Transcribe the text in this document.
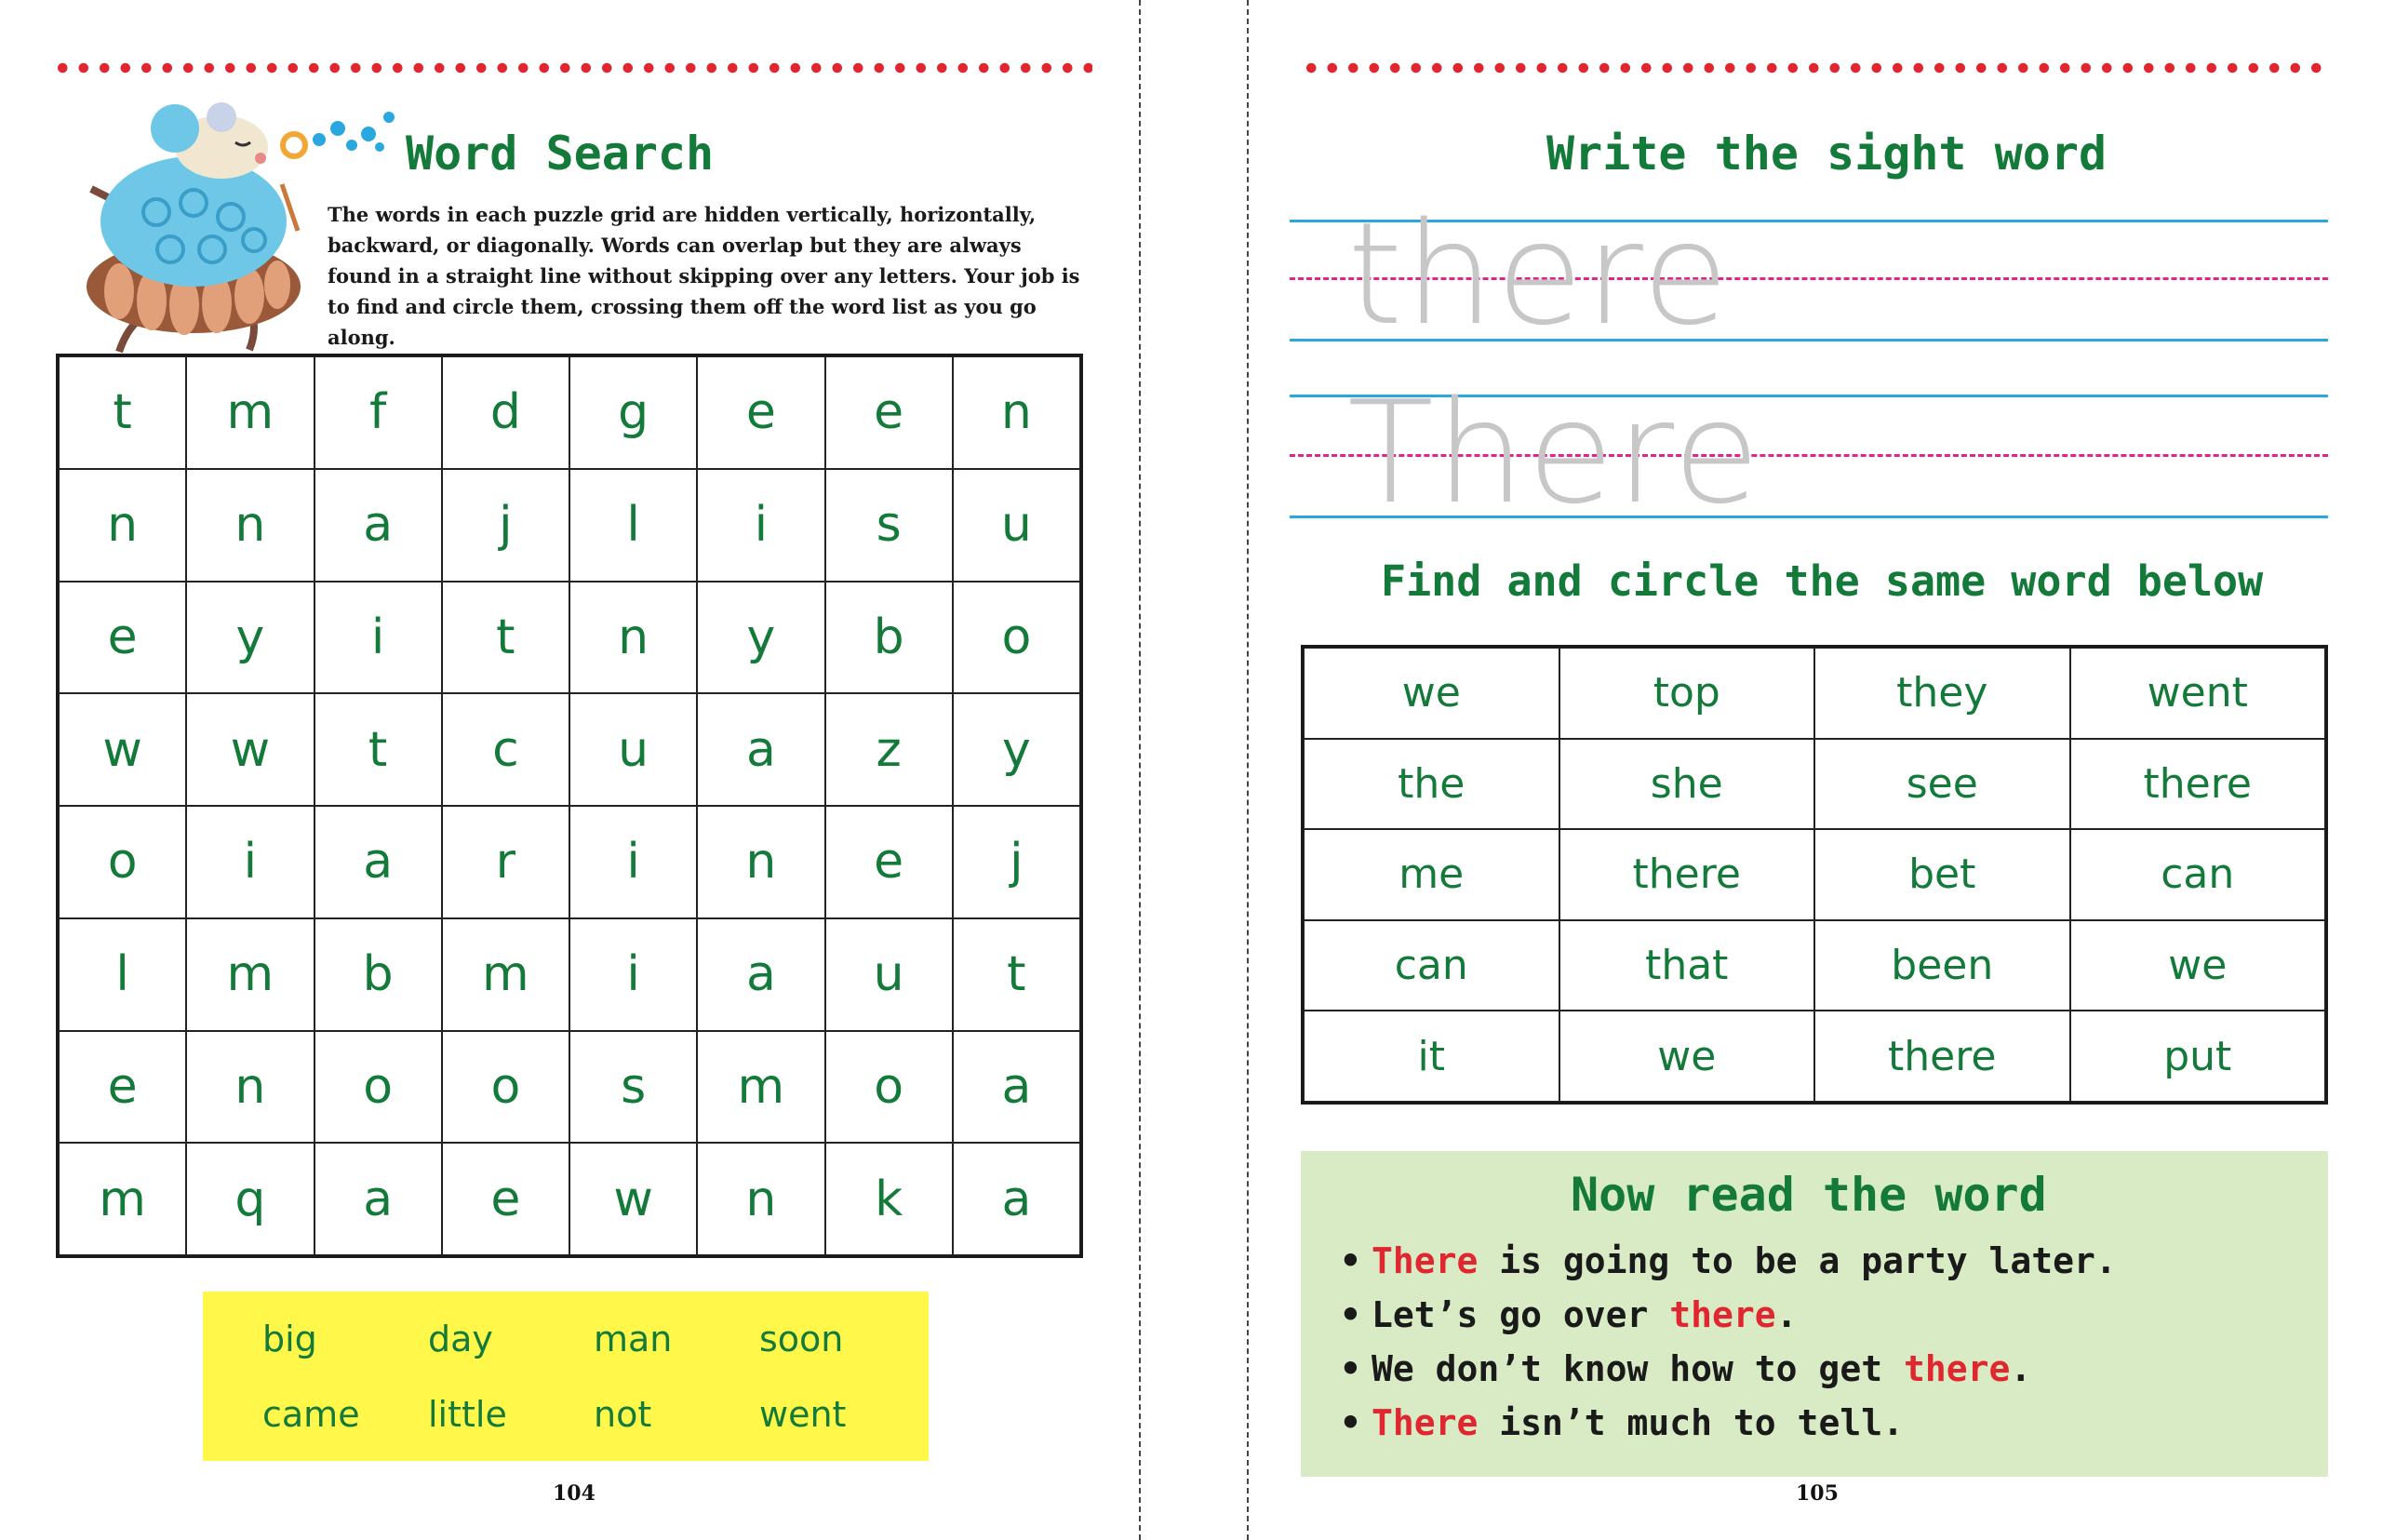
Word Search
The words in each puzzle grid are hidden vertically, horizontally, backward, or diagonally. Words can overlap but they are always found in a straight line without skipping over any letters. Your job is to find and circle them, crossing them off the word list as you go along.
t	m	f	d	g	e	e	n
n	n	a	j	l	i	s	u
e	y	i	t	n	y	b	o
w	w	t	c	u	a	z	y
o	i	a	r	i	n	e	j
l	m	b	m	i	a	u	t
e	n	o	o	s	m	o	a
m	q	a	e	w	n	k	a
big	day	man	soon
came	little	not	went
104
Write the sight word
there
There
Find and circle the same word below
we	top	they	went
the	she	see	there
me	there	bet	can
can	that	been	we
it	we	there	put
Now read the word
• There is going to be a party later.
• Let’s go over there.
• We don’t know how to get there.
• There isn’t much to tell.
105
